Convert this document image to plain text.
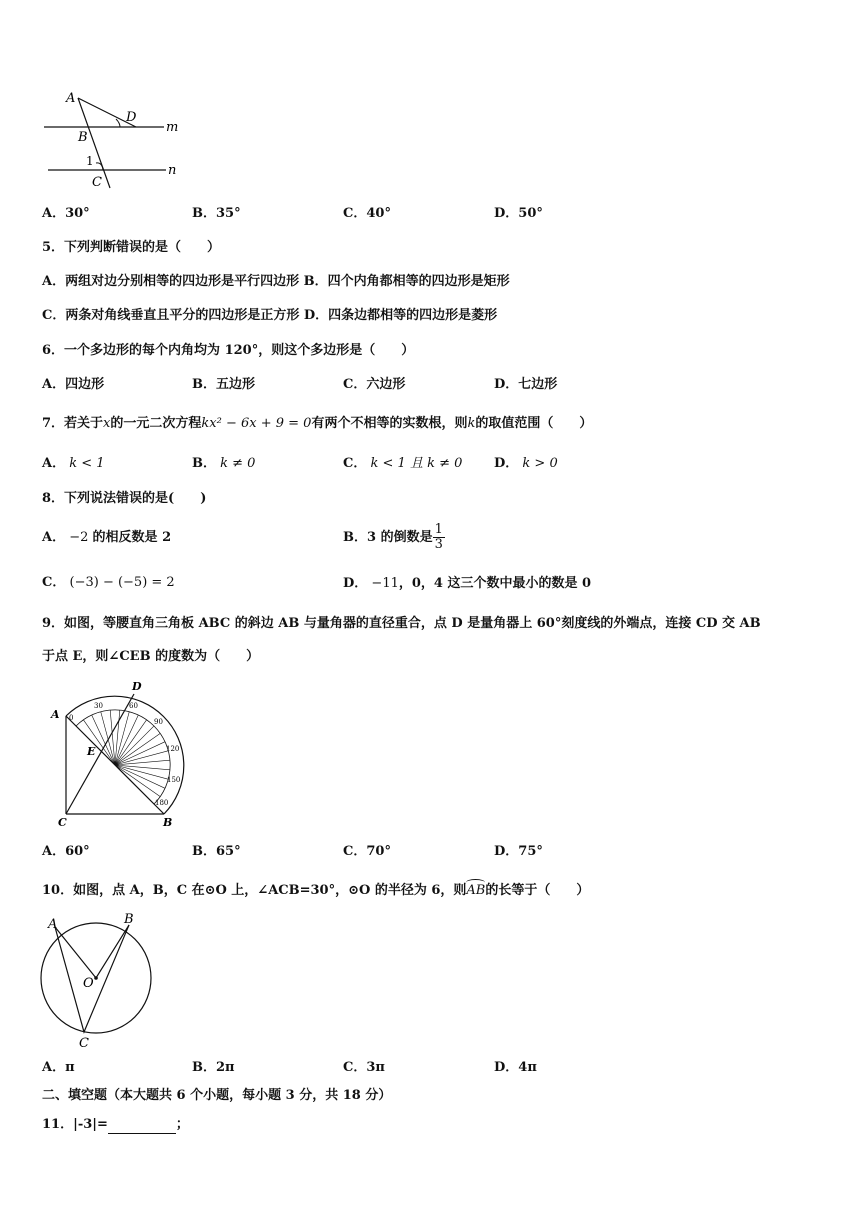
A
B
C
D
m
n
1
A．30°	B．35°	C．40°	D．50°
5．下列判断错误的是（　　）
A．两组对边分别相等的四边形是平行四边形 B．四个内角都相等的四边形是矩形
C．两条对角线垂直且平分的四边形是正方形 D．四条边都相等的四边形是菱形
6．一个多边形的每个内角均为 120°，则这个多边形是（　　）
A．四边形	B．五边形	C．六边形	D．七边形
7．若关于x的一元二次方程kx² − 6x + 9 = 0有两个不相等的实数根，则k的取值范围（　　）
A． k < 1	B． k ≠ 0	C． k < 1 且 k ≠ 0 D． k > 0
8．下列说法错误的是(　　)
A． −2 的相反数是 2	B．3 的倒数是 $\frac{1}{3}$
C． (−3) − (−5) = 2	D． −11，0，4 这三个数中最小的数是 0
9．如图，等腰直角三角板 ABC 的斜边 AB 与量角器的直径重合，点 D 是量角器上 60°刻度线的外端点，连接 CD 交 AB
于点 E，则∠CEB 的度数为（　　）
A
B
C
D
E
0
30	60
90
120
150
180
A．60°	B．65°	C．70°	D．75°
10．如图，点 A，B，C 在⊙O 上，∠ACB=30°，⊙O 的半径为 6，则AB的长等于（　　）
A	B
C
O
A．π	B．2π	C．3π	D．4π
二、填空题（本大题共 6 个小题，每小题 3 分，共 18 分）
11．|-3|=	；
